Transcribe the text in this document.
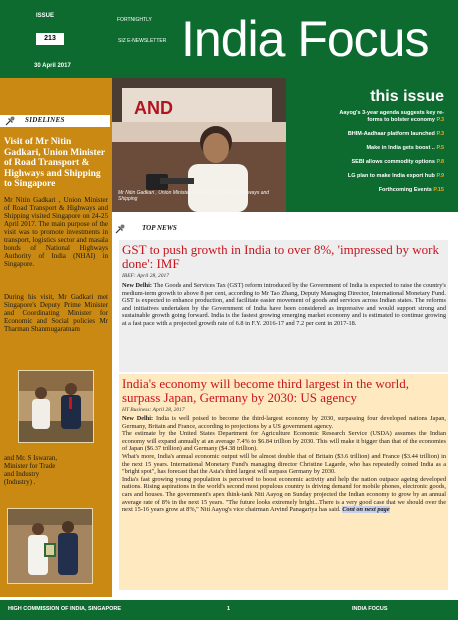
ISSUE
213
30 April 2017
FORTNIGHTLY
SIZ E-NEWSLETTER India Focus
SIDELINES
Visit of Mr Nitin Gadkari, Union Minister of Road Transport & Highways and Shipping to Singapore
Mr Nitin Gadkari , Union Minister of Road Transport & Highways and Shipping visited Singapore on 24-25 April 2017. The main purpose of the visit was to promote investments in transport, logistics sector and masala bonds of National Highways Authority of India (NHAI) in Singapore.
During his visit, Mr Gadkari met Singapore's Deputy Prime Minister and Coordinating Minister for Economic and Social policies Mr Tharman Shanmugaratnam
and Mr. S Iswaran, Minister for Trade and Industry (Industry) .
AND
Mr Nitin Gadkari , Union Minister of Road Transport & Highways and Shipping
this issue
Aayog's 3-year agenda suggests key re-
forms to bolster economy P.3
BHIM-Aadhaar platform launched P.3
Make in India gets boost .. P.5
SEBI allows commodity options P.8
LG plan to make India export hub P.9
Forthcoming Events P.15
TOP NEWS
GST to push growth in India to over 8%, 'impressed by work done': IMF
IBEF: April 28, 2017
New Delhi: The Goods and Services Tax (GST) reform introduced by the Government of India is expected to raise the country's medium-term growth to above 8 per cent, according to Mr Tao Zhang, Deputy Managing Director, International Monetary Fund. GST is expected to enhance production, and facilitate easier movement of goods and services across Indian states. The reforms and initiatives undertaken by the Government of India have been considered as impressive and would support strong and sustainable growth going forward. India is the fastest growing emerging market economy and is estimated to continue growing at a fast pace with a projected growth rate of 6.8 in F.Y. 2016-17 and 7.2 per cent in 2017-18.
India's economy will become third largest in the world, surpass Japan, Germany by 2030: US agency
HT Business: April 28, 2017
New Delhi: India is well poised to become the third-largest economy by 2030, surpassing four developed nations Japan, Germany, Britain and France, according to projections by a US government agency.
The estimate by the United States Department for Agriculture Economic Research Service (USDA) assumes the Indian economy will expand annually at an average 7.4% to $6.84 trillion by 2030. This will make it bigger than that of the economies of Japan ($6.37 trillion) and Germany ($4.38 trillion).
What's more, India's annual economic output will be almost double that of Britain ($3.6 trillion) and France ($3.44 trillion) in the next 15 years. International Monetary Fund's managing director Christine Lagarde, who has repeatedly coined India as a "bright spot", has forecast that the Asia's third largest will surpass Germany by 2030.
India's fast growing young population is perceived to boost economic activity and help the nation outpace ageing developed nations. Rising aspirations in the world's second most populous country is driving demand for mobile phones, electronic goods, cars and houses. The government's apex think-tank Niti Aayog on Sunday projected the Indian economy to grow by an annual average rate of 8% in the next 15 years. "The future looks extremely bright...There is a very good case that we should over the next 15-16 years grow at 8%," Niti Aayog's vice chairman Arvind Panagariya has said. Cont on next page
HIGH COMMISSION OF INDIA, SINGAPORE	1	INDIA FOCUS
